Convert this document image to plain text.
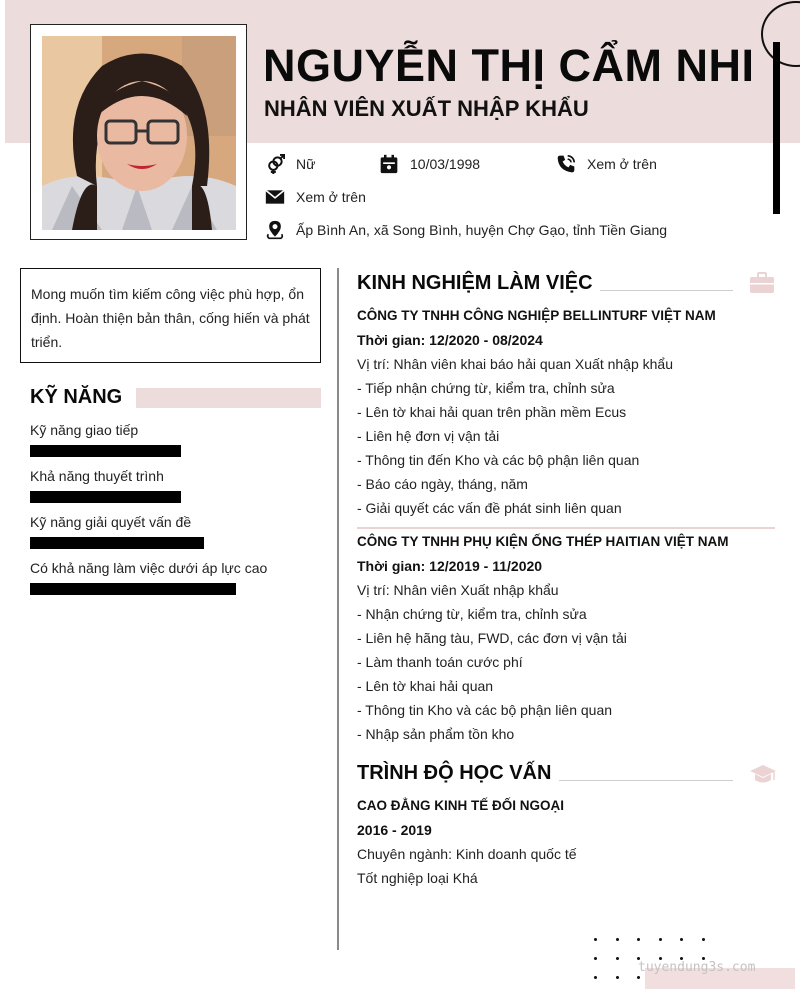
NGUYỄN THỊ CẨM NHI
NHÂN VIÊN XUẤT NHẬP KHẨU
Nữ	10/03/1998	Xem ở trên
Xem ở trên
Ấp Bình An, xã Song Bình, huyện Chợ Gạo, tỉnh Tiền Giang
Mong muốn tìm kiếm công việc phù hợp, ổn định. Hoàn thiện bản thân, cống hiến và phát triển.
KỸ NĂNG
Kỹ năng giao tiếp
Khả năng thuyết trình
Kỹ năng giải quyết vấn đề
Có khả năng làm việc dưới áp lực cao
KINH NGHIỆM LÀM VIỆC
CÔNG TY TNHH CÔNG NGHIỆP BELLINTURF VIỆT NAM
Thời gian: 12/2020 - 08/2024
Vị trí: Nhân viên khai báo hải quan Xuất nhập khẩu
- Tiếp nhận chứng từ, kiểm tra, chỉnh sửa
- Lên tờ khai hải quan trên phần mềm Ecus
- Liên hệ đơn vị vận tải
- Thông tin đến Kho và các bộ phận liên quan
- Báo cáo ngày, tháng, năm
- Giải quyết các vấn đề phát sinh liên quan
CÔNG TY TNHH PHỤ KIỆN ỐNG THÉP HAITIAN VIỆT NAM
Thời gian: 12/2019 - 11/2020
Vị trí: Nhân viên Xuất nhập khẩu
- Nhận chứng từ, kiểm tra, chỉnh sửa
- Liên hệ hãng tàu, FWD, các đơn vị vận tải
- Làm thanh toán cước phí
- Lên tờ khai hải quan
- Thông tin Kho và các bộ phận liên quan
- Nhập sản phẩm tồn kho
TRÌNH ĐỘ HỌC VẤN
CAO ĐẲNG KINH TẾ ĐỐI NGOẠI
2016 - 2019
Chuyên ngành: Kinh doanh quốc tế
Tốt nghiệp loại Khá
tuyendung3s.com
